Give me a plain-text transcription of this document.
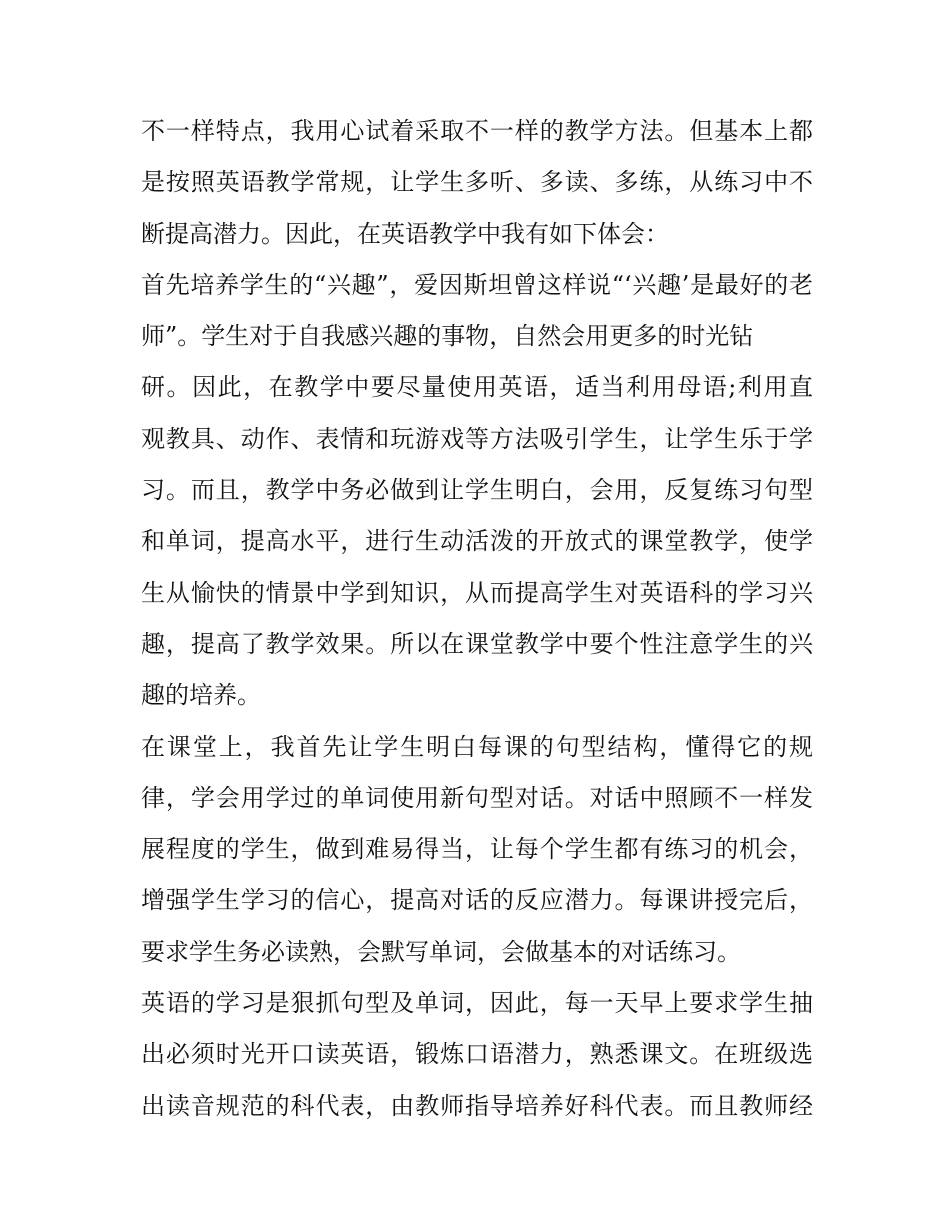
不一样特点，我用心试着采取不一样的教学方法。但基本上都
是按照英语教学常规，让学生多听、多读、多练，从练习中不
断提高潜力。因此，在英语教学中我有如下体会：
首先培养学生的“兴趣”，爱因斯坦曾这样说“‘兴趣’是最好的老
师”。学生对于自我感兴趣的事物，自然会用更多的时光钻
研。因此，在教学中要尽量使用英语，适当利用母语;利用直
观教具、动作、表情和玩游戏等方法吸引学生，让学生乐于学
习。而且，教学中务必做到让学生明白，会用，反复练习句型
和单词，提高水平，进行生动活泼的开放式的课堂教学，使学
生从愉快的情景中学到知识，从而提高学生对英语科的学习兴
趣，提高了教学效果。所以在课堂教学中要个性注意学生的兴
趣的培养。
在课堂上，我首先让学生明白每课的句型结构，懂得它的规
律，学会用学过的单词使用新句型对话。对话中照顾不一样发
展程度的学生，做到难易得当，让每个学生都有练习的机会，
增强学生学习的信心，提高对话的反应潜力。每课讲授完后，
要求学生务必读熟，会默写单词，会做基本的对话练习。
英语的学习是狠抓句型及单词，因此，每一天早上要求学生抽
出必须时光开口读英语，锻炼口语潜力，熟悉课文。在班级选
出读音规范的科代表，由教师指导培养好科代表。而且教师经
